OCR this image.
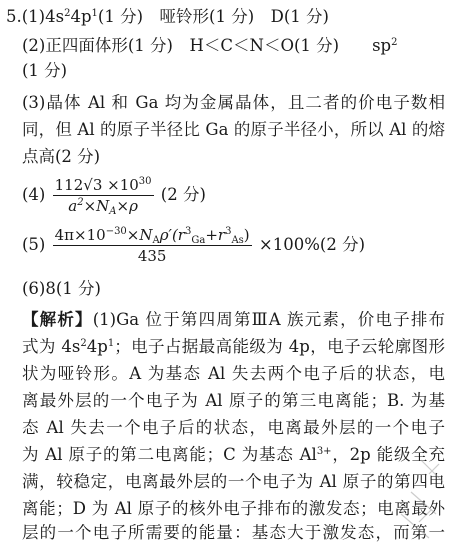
$5.(1)4s^24p^1(1$ 分)　哑铃形(1 分)　D(1 分)
(2)正四面体形(1 分)　H＜C＜N＜O(1 分)　　$sp^2$
(1 分)
(3)晶体 Al 和 Ga 均为金属晶体，且二者的价电子数相
同，但 Al 的原子半径比 Ga 的原子半径小，所以 Al 的熔
点高(2 分)
$(4) \frac{112√3 \times 10^{30}}{a^2\times N_A\times\rho} (2$ 分)
$(5) \frac{4\pi\times 10^{-30}\times N_A\rho'(r^3_{Ga}+r^3_{As})}{435} \times 100\%(2$ 分)
(6)8(1 分)
【解析】(1)Ga 位于第四周第ⅢA 族元素，价电子排布
式为 $4s^24p^1$；电子占据最高能级为 4p，电子云轮廓图形
状为哑铃形。A 为基态 Al 失去两个电子后的状态，电
离最外层的一个电子为 Al 原子的第三电离能；B. 为基
态 Al 失去一个电子后的状态，电离最外层的一个电子
为 Al 原子的第二电离能；C 为基态 $Al^{3+}$，2p 能级全充
满，较稳定，电离最外层的一个电子为 Al 原子的第四电
离能；D 为 Al 原子的核外电子排布的激发态；电离最外
层的一个电子所需要的能量：基态大于激发态，而第一
